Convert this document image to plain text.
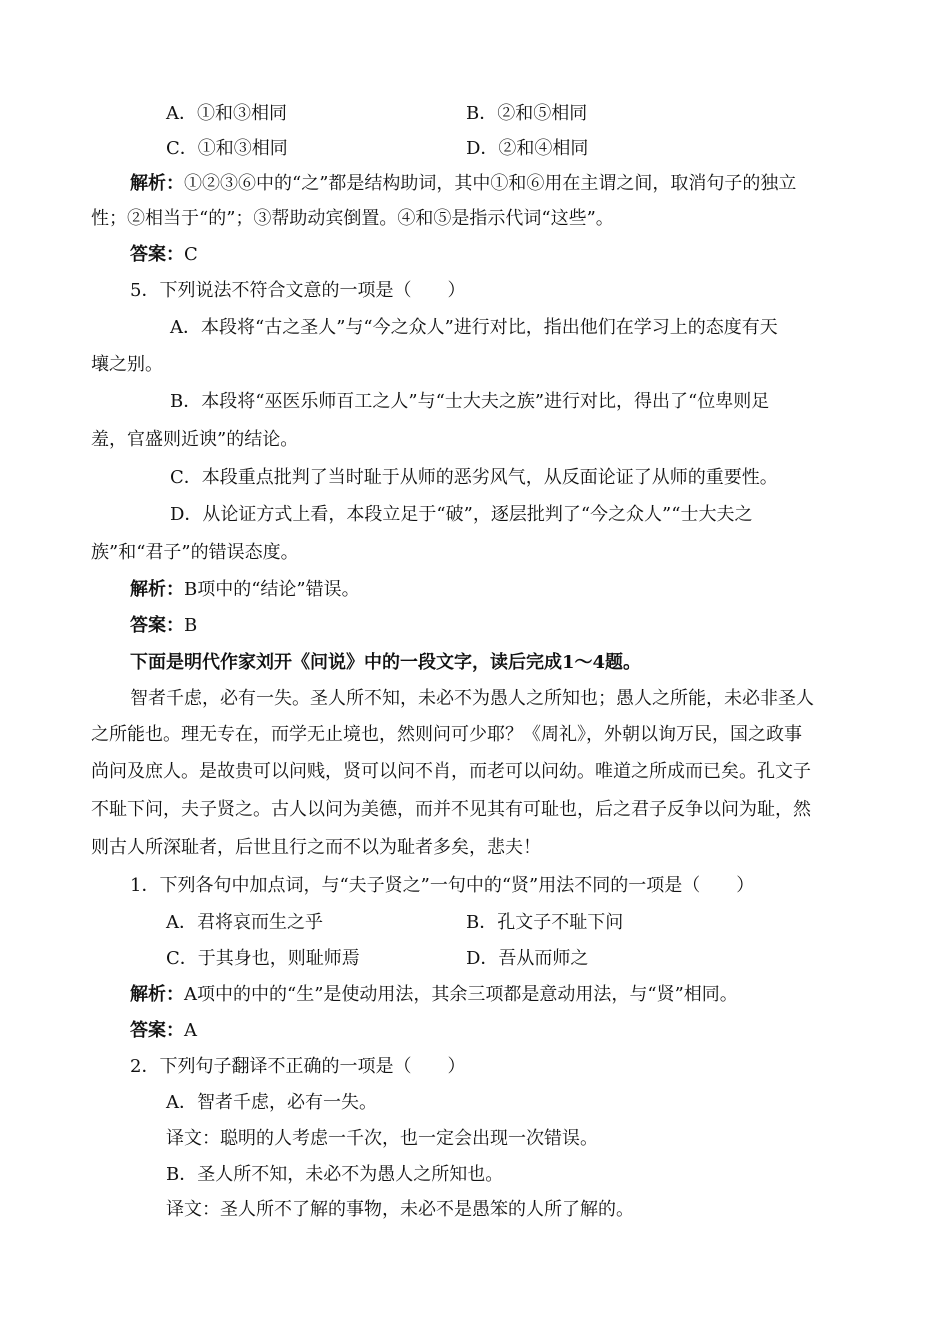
A．①和③相同	B．②和⑤相同
C．①和③相同	D．②和④相同
解析：①②③⑥中的“之”都是结构助词，其中①和⑥用在主谓之间，取消句子的独立
性；②相当于“的”；③帮助动宾倒置。④和⑤是指示代词“这些”。
答案：C
5．下列说法不符合文意的一项是（　　）
A．本段将“古之圣人”与“今之众人”进行对比，指出他们在学习上的态度有天
壤之别。
B．本段将“巫医乐师百工之人”与“士大夫之族”进行对比，得出了“位卑则足
羞，官盛则近谀”的结论。
C．本段重点批判了当时耻于从师的恶劣风气，从反面论证了从师的重要性。
D．从论证方式上看，本段立足于“破”，逐层批判了“今之众人”“士大夫之
族”和“君子”的错误态度。
解析：B项中的“结论”错误。
答案：B
下面是明代作家刘开《问说》中的一段文字，读后完成1～4题。
智者千虑，必有一失。圣人所不知，未必不为愚人之所知也；愚人之所能，未必非圣人
之所能也。理无专在，而学无止境也，然则问可少耶？《周礼》，外朝以询万民，国之政事
尚问及庶人。是故贵可以问贱，贤可以问不肖，而老可以问幼。唯道之所成而已矣。孔文子
不耻下问，夫子贤之。古人以问为美德，而并不见其有可耻也，后之君子反争以问为耻，然
则古人所深耻者，后世且行之而不以为耻者多矣，悲夫！
1．下列各句中加点词，与“夫子贤之”一句中的“贤”用法不同的一项是（　　）
A．君将哀而生之乎	B．孔文子不耻下问
C．于其身也，则耻师焉	D．吾从而师之
解析：A项中的中的“生”是使动用法，其余三项都是意动用法，与“贤”相同。
答案：A
2．下列句子翻译不正确的一项是（　　）
A．智者千虑，必有一失。
译文：聪明的人考虑一千次，也一定会出现一次错误。
B．圣人所不知，未必不为愚人之所知也。
译文：圣人所不了解的事物，未必不是愚笨的人所了解的。
